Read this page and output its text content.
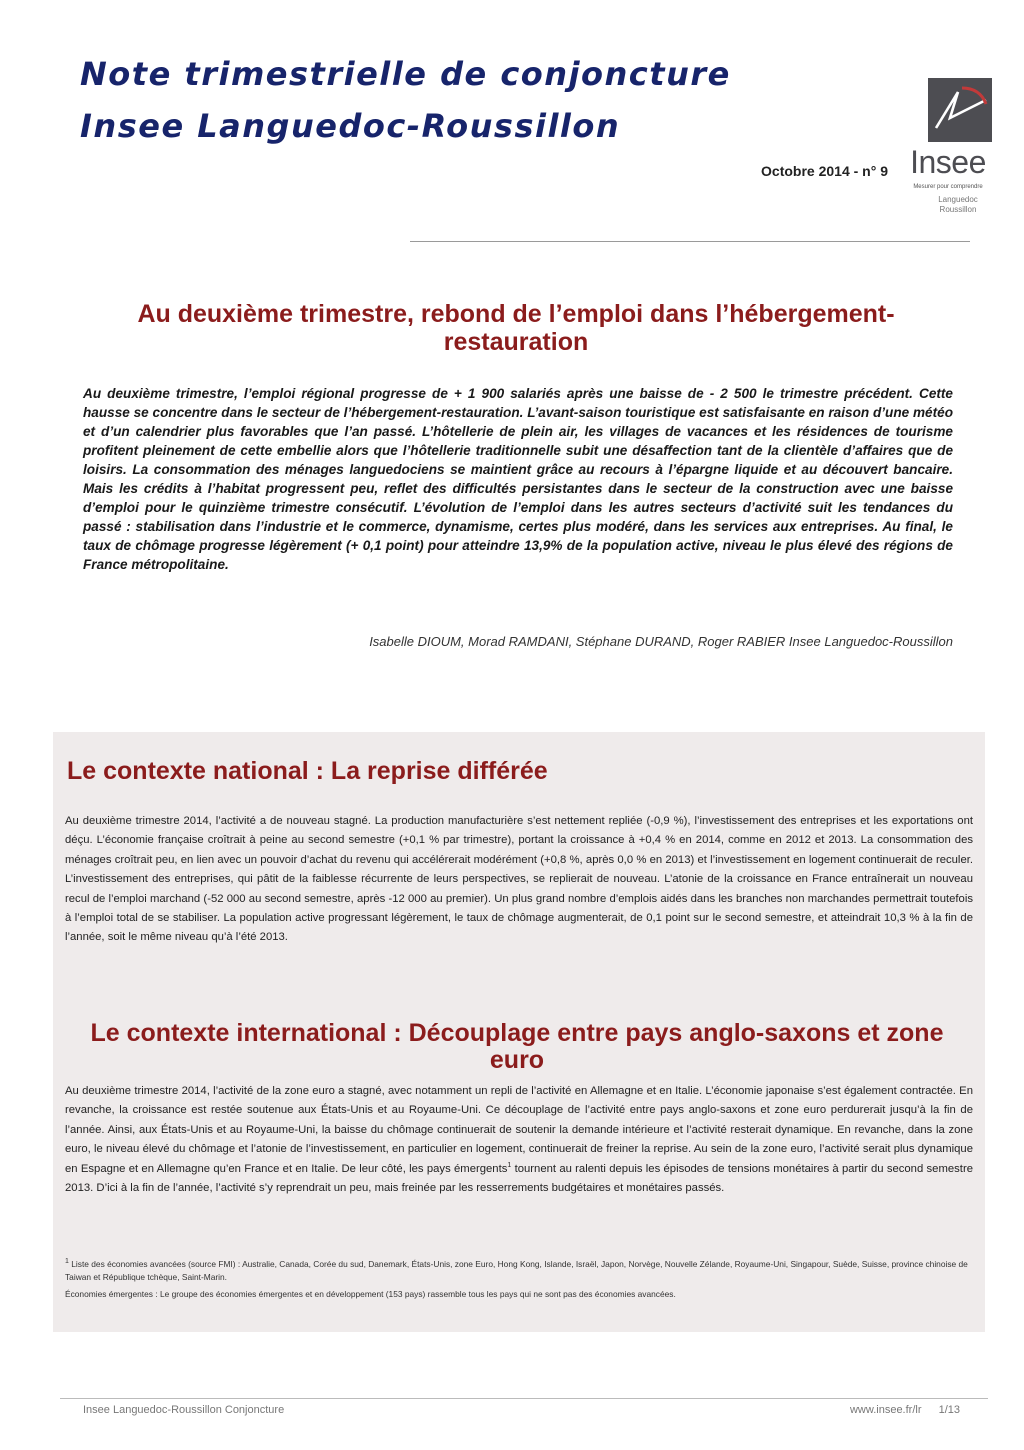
Note trimestrielle de conjoncture
Insee Languedoc-Roussillon
Insee
Mesurer pour comprendre
Languedoc
Roussillon
Octobre 2014 - n° 9
Au deuxième trimestre, rebond de l’emploi dans l’hébergement-restauration

Au deuxième trimestre, l’emploi régional progresse de + 1 900 salariés après une baisse de - 2 500 le trimestre précédent. Cette hausse se concentre dans le secteur de l’hébergement-restauration. L’avant-saison touristique est satisfaisante en raison d’une météo et d’un calendrier plus favorables que l’an passé. L’hôtellerie de plein air, les villages de vacances et les résidences de tourisme profitent pleinement de cette embellie alors que l’hôtellerie traditionnelle subit une désaffection tant de la clientèle d’affaires que de loisirs. La consommation des ménages languedociens se maintient grâce au recours à l’épargne liquide et au découvert bancaire. Mais les crédits à l’habitat progressent peu, reflet des difficultés persistantes dans le secteur de la construction avec une baisse d’emploi pour le quinzième trimestre consécutif. L’évolution de l’emploi dans les autres secteurs d’activité suit les tendances du passé : stabilisation dans l’industrie et le commerce, dynamisme, certes plus modéré, dans les services aux entreprises. Au final, le taux de chômage progresse légèrement (+ 0,1 point) pour atteindre 13,9% de la population active, niveau le plus élevé des régions de France métropolitaine.

Isabelle DIOUM, Morad RAMDANI, Stéphane DURAND, Roger RABIER Insee Languedoc-Roussillon
Le contexte national : La reprise différée

Au deuxième trimestre 2014, l’activité a de nouveau stagné. La production manufacturière s’est nettement repliée (-0,9 %), l’investissement des entreprises et les exportations ont déçu. L’économie française croîtrait à peine au second semestre (+0,1 % par trimestre), portant la croissance à +0,4 % en 2014, comme en 2012 et 2013. La consommation des ménages croîtrait peu, en lien avec un pouvoir d’achat du revenu qui accélérerait modérément (+0,8 %, après 0,0 % en 2013) et l’investissement en logement continuerait de reculer. L’investissement des entreprises, qui pâtit de la faiblesse récurrente de leurs perspectives, se replierait de nouveau. L’atonie de la croissance en France entraînerait un nouveau recul de l’emploi marchand (-52 000 au second semestre, après -12 000 au premier). Un plus grand nombre d’emplois aidés dans les branches non marchandes permettrait toutefois à l’emploi total de se stabiliser. La population active progressant légèrement, le taux de chômage augmenterait, de 0,1 point sur le second semestre, et atteindrait 10,3 % à la fin de l’année, soit le même niveau qu’à l’été 2013.

Le contexte international : Découplage entre pays anglo-saxons et zone euro

Au deuxième trimestre 2014, l’activité de la zone euro a stagné, avec notamment un repli de l’activité en Allemagne et en Italie. L’économie japonaise s’est également contractée. En revanche, la croissance est restée soutenue aux États-Unis et au Royaume-Uni. Ce découplage de l’activité entre pays anglo-saxons et zone euro perdurerait jusqu’à la fin de l’année. Ainsi, aux États-Unis et au Royaume-Uni, la baisse du chômage continuerait de soutenir la demande intérieure et l’activité resterait dynamique. En revanche, dans la zone euro, le niveau élevé du chômage et l’atonie de l’investissement, en particulier en logement, continuerait de freiner la reprise. Au sein de la zone euro, l’activité serait plus dynamique en Espagne et en Allemagne qu’en France et en Italie. De leur côté, les pays émergents$^1$ tournent au ralenti depuis les épisodes de tensions monétaires à partir du second semestre 2013. D’ici à la fin de l’année, l’activité s’y reprendrait un peu, mais freinée par les resserrements budgétaires et monétaires passés.

$^1$ Liste des économies avancées (source FMI) : Australie, Canada, Corée du sud, Danemark, États-Unis, zone Euro, Hong Kong, Islande, Israël, Japon, Norvège, Nouvelle Zélande, Royaume-Uni, Singapour, Suède, Suisse, province chinoise de Taiwan et République tchèque, Saint-Marin.

Économies émergentes : Le groupe des économies émergentes et en développement (153 pays) rassemble tous les pays qui ne sont pas des économies avancées.

Insee Languedoc-Roussillon Conjoncture	www.insee.fr/lr 1/13
